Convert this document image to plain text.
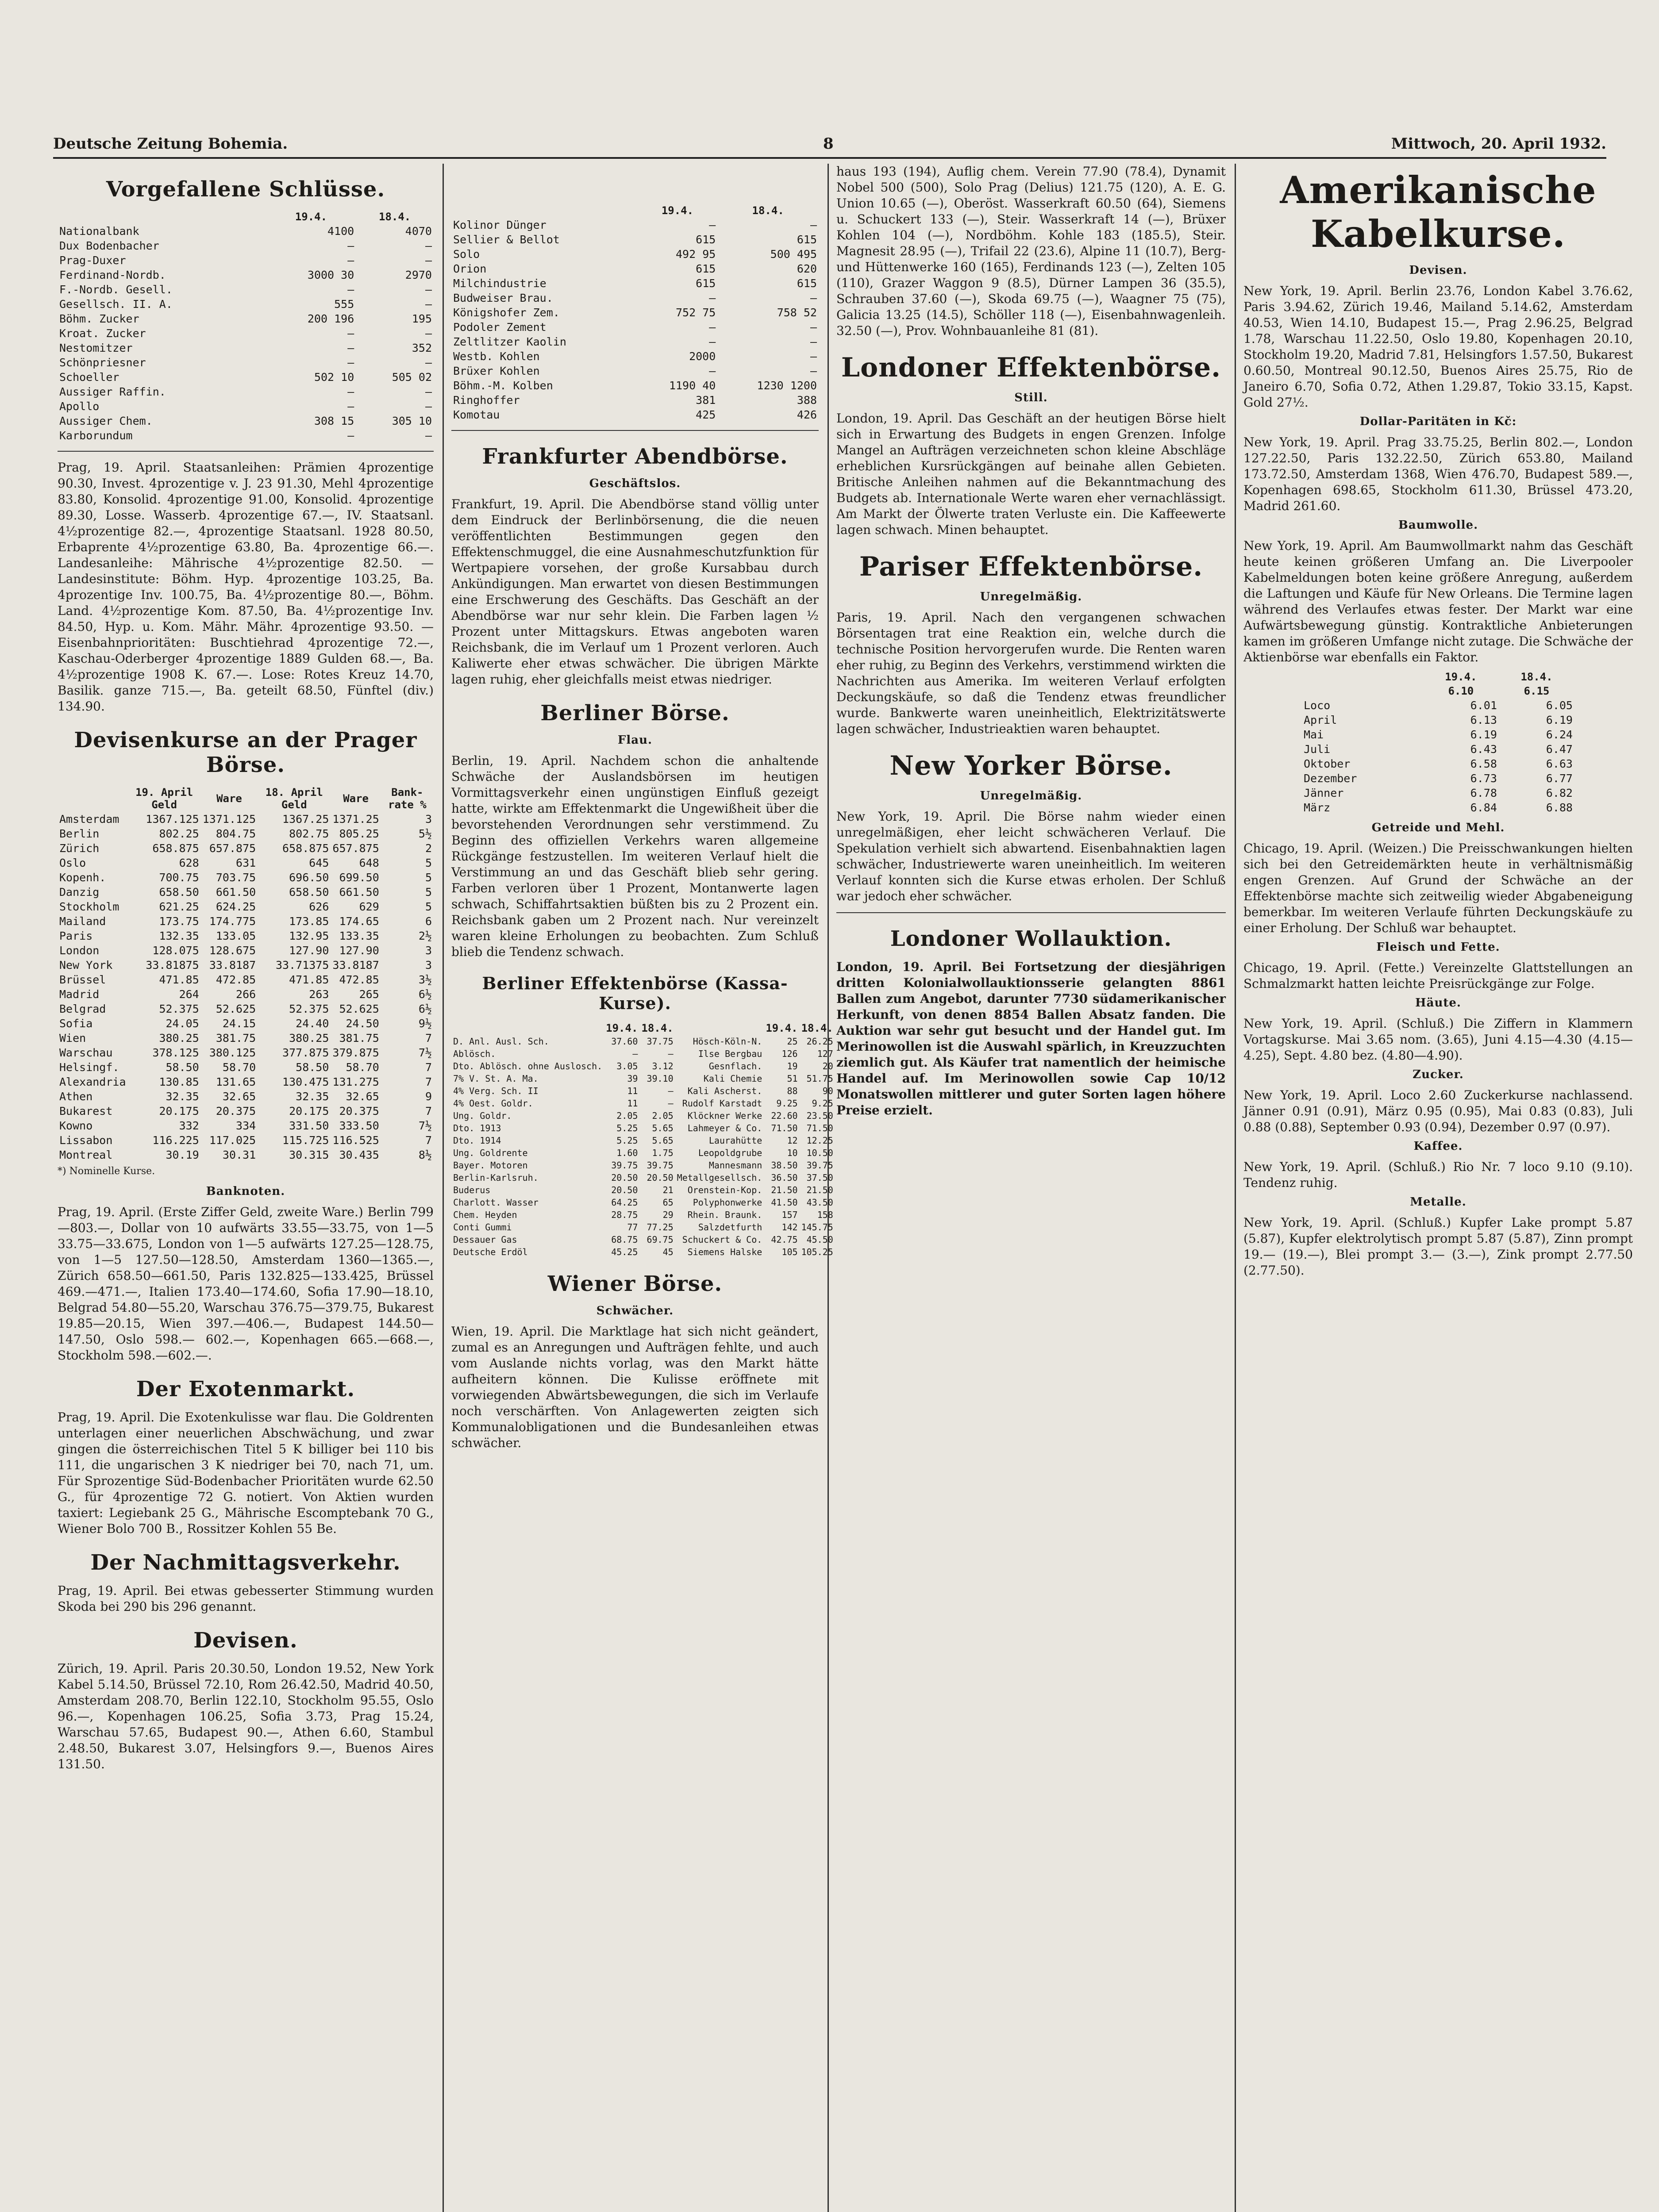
Deutsche Zeitung Bohemia.	8	Mittwoch, 20. April 1932.
Vorgefallene Schlüsse.
	19.4.	18.4.
Nationalbank	4100	4070
Dux Bodenbacher	—	—
Prag-Duxer	—	—
Ferdinand-Nordb.	3000 30	2970
F.-Nordb. Gesell.	—	—
Gesellsch. II. A.	555	—
Böhm. Zucker	200 196	195
Kroat. Zucker	—	—
Nestomitzer	—	352
Schönpriesner	—	—
Schoeller	502 10	505 02
Aussiger Raffin.	—	—
Apollo	—	—
Aussiger Chem.	308 15	305 10
Karborundum	—	—
Prag, 19. April. Staatsanleihen: Prämien 4prozentige 90.30, Invest. 4prozentige v. J. 23 91.30, Mehl 4prozentige 83.80, Konsolid. 4prozentige 91.00, Konsolid. 4prozentige 89.30, Losse. Wasserb. 4prozentige 67.—, IV. Staatsanl. 4½prozentige 82.—, 4prozentige Staatsanl. 1928 80.50, Erbaprente 4½prozentige 63.80, Ba. 4prozentige 66.—. Landesanleihe: Mährische 4½prozentige 82.50. — Landesinstitute: Böhm. Hyp. 4prozentige 103.25, Ba. 4prozentige Inv. 100.75, Ba. 4½prozentige 80.—, Böhm. Land. 4½prozentige Kom. 87.50, Ba. 4½prozentige Inv. 84.50, Hyp. u. Kom. Mähr. Mähr. 4prozentige 93.50. — Eisenbahnprioritäten: Buschtiehrad 4prozentige 72.—, Kaschau-Oderberger 4prozentige 1889 Gulden 68.—, Ba. 4½prozentige 1908 K. 67.—. Lose: Rotes Kreuz 14.70, Basilik. ganze 715.—, Ba. geteilt 68.50, Fünftel (div.) 134.90.
Devisenkurse an der Prager Börse.
	19. April Geld	Ware	18. April Geld	Ware	Bank-rate %
Amsterdam	1367.125	1371.125	1367.25	1371.25	3
Berlin	802.25	804.75	802.75	805.25	5½
Zürich	658.875	657.875	658.875	657.875	2
Oslo	628	631	645	648	5
Kopenh.	700.75	703.75	696.50	699.50	5
Danzig	658.50	661.50	658.50	661.50	5
Stockholm	621.25	624.25	626	629	5
Mailand	173.75	174.775	173.85	174.65	6
Paris	132.35	133.05	132.95	133.35	2½
London	128.075	128.675	127.90	127.90	3
New York	33.81875	33.8187	33.71375	33.8187	3
Brüssel	471.85	472.85	471.85	472.85	3½
Madrid	264	266	263	265	6½
Belgrad	52.375	52.625	52.375	52.625	6½
Sofia	24.05	24.15	24.40	24.50	9½
Wien	380.25	381.75	380.25	381.75	7
Warschau	378.125	380.125	377.875	379.875	7½
Helsingf.	58.50	58.70	58.50	58.70	7
Alexandria	130.85	131.65	130.475	131.275	7
Athen	32.35	32.65	32.35	32.65	9
Bukarest	20.175	20.375	20.175	20.375	7
Kowno	332	334	331.50	333.50	7½
Lissabon	116.225	117.025	115.725	116.525	7
Montreal	30.19	30.31	30.315	30.435	8½
*) Nominelle Kurse.
Banknoten.
Prag, 19. April. (Erste Ziffer Geld, zweite Ware.) Berlin 799—803.—, Dollar von 10 aufwärts 33.55—33.75, von 1—5 33.75—33.675, London von 1—5 aufwärts 127.25—128.75, von 1—5 127.50—128.50, Amsterdam 1360—1365.—, Zürich 658.50—661.50, Paris 132.825—133.425, Brüssel 469.—471.—, Italien 173.40—174.60, Sofia 17.90—18.10, Belgrad 54.80—55.20, Warschau 376.75—379.75, Bukarest 19.85—20.15, Wien 397.—406.—, Budapest 144.50—147.50, Oslo 598.— 602.—, Kopenhagen 665.—668.—, Stockholm 598.—602.—.
Der Exotenmarkt.
Prag, 19. April. Die Exotenkulisse war flau. Die Goldrenten unterlagen einer neuerlichen Abschwächung, und zwar gingen die österreichischen Titel 5 K billiger bei 110 bis 111, die ungarischen 3 K niedriger bei 70, nach 71, um. Für Sprozentige Süd-Bodenbacher Prioritäten wurde 62.50 G., für 4prozentige 72 G. notiert. Von Aktien wurden taxiert: Legiebank 25 G., Mährische Escomptebank 70 G., Wiener Bolo 700 B., Rossitzer Kohlen 55 Be.
Der Nachmittagsverkehr.
Prag, 19. April. Bei etwas gebesserter Stimmung wurden Skoda bei 290 bis 296 genannt.
Devisen.
Zürich, 19. April. Paris 20.30.50, London 19.52, New York Kabel 5.14.50, Brüssel 72.10, Rom 26.42.50, Madrid 40.50, Amsterdam 208.70, Berlin 122.10, Stockholm 95.55, Oslo 96.—, Kopenhagen 106.25, Sofia 3.73, Prag 15.24, Warschau 57.65, Budapest 90.—, Athen 6.60, Stambul 2.48.50, Bukarest 3.07, Helsingfors 9.—, Buenos Aires 131.50.
	19.4.	18.4.
Kolinor Dünger	—	—
Sellier & Bellot	615	615
Solo	492 95	500 495
Orion	615	620
Milchindustrie	615	615
Budweiser Brau.	—	—
Königshofer Zem.	752 75	758 52
Podoler Zement	—	—
Zeltlitzer Kaolin	—	—
Westb. Kohlen	2000	—
Brüxer Kohlen	—	—
Böhm.-M. Kolben	1190 40	1230 1200
Ringhoffer	381	388
Komotau	425	426
Frankfurter Abendbörse.
Geschäftslos.
Frankfurt, 19. April. Die Abendbörse stand völlig unter dem Eindruck der Berlinbörsenung, die die neuen veröffentlichten Bestimmungen gegen den Effektenschmuggel, die eine Ausnahmeschutzfunktion für Wertpapiere vorsehen, der große Kursabbau durch Ankündigungen. Man erwartet von diesen Bestimmungen eine Erschwerung des Geschäfts. Das Geschäft an der Abendbörse war nur sehr klein. Die Farben lagen ½ Prozent unter Mittagskurs. Etwas angeboten waren Reichsbank, die im Verlauf um 1 Prozent verloren. Auch Kaliwerte eher etwas schwächer. Die übrigen Märkte lagen ruhig, eher gleichfalls meist etwas niedriger.
Berliner Börse.
Flau.
Berlin, 19. April. Nachdem schon die anhaltende Schwäche der Auslandsbörsen im heutigen Vormittagsverkehr einen ungünstigen Einfluß gezeigt hatte, wirkte am Effektenmarkt die Ungewißheit über die bevorstehenden Verordnungen sehr verstimmend. Zu Beginn des offiziellen Verkehrs waren allgemeine Rückgänge festzustellen. Im weiteren Verlauf hielt die Verstimmung an und das Geschäft blieb sehr gering. Farben verloren über 1 Prozent, Montanwerte lagen schwach, Schiffahrtsaktien büßten bis zu 2 Prozent ein. Reichsbank gaben um 2 Prozent nach. Nur vereinzelt waren kleine Erholungen zu beobachten. Zum Schluß blieb die Tendenz schwach.
Berliner Effektenbörse (Kassa-Kurse).
	19.4.	18.4.		19.4.	18.4.
D. Anl. Ausl. Sch.	37.60	37.75	Hösch-Köln-N.	25	26.25
Ablösch.	—	—	Ilse Bergbau	126	127
Dto. Ablösch. ohne Auslosch.	3.05	3.12	Gesnflach.	19	20
7% V. St. A. Ma.	39	39.10	Kali Chemie	51	51.75
4% Verg. Sch. II	11	—	Kali Ascherst.	88	90
4% Oest. Goldr.	11	—	Rudolf Karstadt	9.25	9.25
Ung. Goldr.	2.05	2.05	Klöckner Werke	22.60	23.50
Dto. 1913	5.25	5.65	Lahmeyer & Co.	71.50	71.50
Dto. 1914	5.25	5.65	Laurahütte	12	12.25
Ung. Goldrente	1.60	1.75	Leopoldgrube	10	10.50
Bayer. Motoren	39.75	39.75	Mannesmann	38.50	39.75
Berlin-Karlsruh.	20.50	20.50	Metallgesellsch.	36.50	37.50
Buderus	20.50	21	Orenstein-Kop.	21.50	21.50
Charlott. Wasser	64.25	65	Polyphonwerke	41.50	43.50
Chem. Heyden	28.75	29	Rhein. Braunk.	157	158
Conti Gummi	77	77.25	Salzdetfurth	142	145.75
Dessauer Gas	68.75	69.75	Schuckert & Co.	42.75	45.50
Deutsche Erdöl	45.25	45	Siemens Halske	105	105.25
Wiener Börse.
Schwächer.
Wien, 19. April. Die Marktlage hat sich nicht geändert, zumal es an Anregungen und Aufträgen fehlte, und auch vom Auslande nichts vorlag, was den Markt hätte aufheitern können. Die Kulisse eröffnete mit vorwiegenden Abwärtsbewegungen, die sich im Verlaufe noch verschärften. Von Anlagewerten zeigten sich Kommunalobligationen und die Bundesanleihen etwas schwächer.
haus 193 (194), Auflig chem. Verein 77.90 (78.4), Dynamit Nobel 500 (500), Solo Prag (Delius) 121.75 (120), A. E. G. Union 10.65 (—), Oberöst. Wasserkraft 60.50 (64), Siemens u. Schuckert 133 (—), Steir. Wasserkraft 14 (—), Brüxer Kohlen 104 (—), Nordböhm. Kohle 183 (185.5), Steir. Magnesit 28.95 (—), Trifail 22 (23.6), Alpine 11 (10.7), Berg- und Hüttenwerke 160 (165), Ferdinands 123 (—), Zelten 105 (110), Grazer Waggon 9 (8.5), Dürner Lampen 36 (35.5), Schrauben 37.60 (—), Skoda 69.75 (—), Waagner 75 (75), Galicia 13.25 (14.5), Schöller 118 (—), Eisenbahnwagenleih. 32.50 (—), Prov. Wohnbauanleihe 81 (81).
Londoner Effektenbörse.
Still.
London, 19. April. Das Geschäft an der heutigen Börse hielt sich in Erwartung des Budgets in engen Grenzen. Infolge Mangel an Aufträgen verzeichneten schon kleine Abschläge erheblichen Kursrückgängen auf beinahe allen Gebieten. Britische Anleihen nahmen auf die Bekanntmachung des Budgets ab. Internationale Werte waren eher vernachlässigt. Am Markt der Ölwerte traten Verluste ein. Die Kaffeewerte lagen schwach. Minen behauptet.
Pariser Effektenbörse.
Unregelmäßig.
Paris, 19. April. Nach den vergangenen schwachen Börsentagen trat eine Reaktion ein, welche durch die technische Position hervorgerufen wurde. Die Renten waren eher ruhig, zu Beginn des Verkehrs, verstimmend wirkten die Nachrichten aus Amerika. Im weiteren Verlauf erfolgten Deckungskäufe, so daß die Tendenz etwas freundlicher wurde. Bankwerte waren uneinheitlich, Elektrizitätswerte lagen schwächer, Industrieaktien waren behauptet.
New Yorker Börse.
Unregelmäßig.
New York, 19. April. Die Börse nahm wieder einen unregelmäßigen, eher leicht schwächeren Verlauf. Die Spekulation verhielt sich abwartend. Eisenbahnaktien lagen schwächer, Industriewerte waren uneinheitlich. Im weiteren Verlauf konnten sich die Kurse etwas erholen. Der Schluß war jedoch eher schwächer.
Londoner Wollauktion.
London, 19. April. Bei Fortsetzung der diesjährigen dritten Kolonialwollauktionsserie gelangten 8861 Ballen zum Angebot, darunter 7730 südamerikanischer Herkunft, von denen 8854 Ballen Absatz fanden. Die Auktion war sehr gut besucht und der Handel gut. Im Merinowollen ist die Auswahl spärlich, in Kreuzzuchten ziemlich gut. Als Käufer trat namentlich der heimische Handel auf. Im Merinowollen sowie Cap 10/12 Monatswollen mittlerer und guter Sorten lagen höhere Preise erzielt.
Amerikanische Kabelkurse.
Devisen.
New York, 19. April. Berlin 23.76, London Kabel 3.76.62, Paris 3.94.62, Zürich 19.46, Mailand 5.14.62, Amsterdam 40.53, Wien 14.10, Budapest 15.—, Prag 2.96.25, Belgrad 1.78, Warschau 11.22.50, Oslo 19.80, Kopenhagen 20.10, Stockholm 19.20, Madrid 7.81, Helsingfors 1.57.50, Bukarest 0.60.50, Montreal 90.12.50, Buenos Aires 25.75, Rio de Janeiro 6.70, Sofia 0.72, Athen 1.29.87, Tokio 33.15, Kapst. Gold 27½.
Dollar-Paritäten in Kč:
New York, 19. April. Prag 33.75.25, Berlin 802.—, London 127.22.50, Paris 132.22.50, Zürich 653.80, Mailand 173.72.50, Amsterdam 1368, Wien 476.70, Budapest 589.—, Kopenhagen 698.65, Stockholm 611.30, Brüssel 473.20, Madrid 261.60.
Baumwolle.
New York, 19. April. Am Baumwollmarkt nahm das Geschäft heute keinen größeren Umfang an. Die Liverpooler Kabelmeldungen boten keine größere Anregung, außerdem die Laftungen und Käufe für New Orleans. Die Termine lagen während des Verlaufes etwas fester. Der Markt war eine Aufwärtsbewegung günstig. Kontraktliche Anbieterungen kamen im größeren Umfange nicht zutage. Die Schwäche der Aktienbörse war ebenfalls ein Faktor.
	19.4.	18.4.
	6.10	6.15
Loco	6.01	6.05
April	6.13	6.19
Mai	6.19	6.24
Juli	6.43	6.47
Oktober	6.58	6.63
Dezember	6.73	6.77
Jänner	6.78	6.82
März	6.84	6.88
Getreide und Mehl.
Chicago, 19. April. (Weizen.) Die Preisschwankungen hielten sich bei den Getreidemärkten heute in verhältnismäßig engen Grenzen. Auf Grund der Schwäche an der Effektenbörse machte sich zeitweilig wieder Abgabeneigung bemerkbar. Im weiteren Verlaufe führten Deckungskäufe zu einer Erholung. Der Schluß war behauptet.
Fleisch und Fette.
Chicago, 19. April. (Fette.) Vereinzelte Glattstellungen an Schmalzmarkt hatten leichte Preisrückgänge zur Folge.
Häute.
New York, 19. April. (Schluß.) Die Ziffern in Klammern Vortagskurse. Mai 3.65 nom. (3.65), Juni 4.15—4.30 (4.15—4.25), Sept. 4.80 bez. (4.80—4.90).
Zucker.
New York, 19. April. Loco 2.60 Zuckerkurse nachlassend. Jänner 0.91 (0.91), März 0.95 (0.95), Mai 0.83 (0.83), Juli 0.88 (0.88), September 0.93 (0.94), Dezember 0.97 (0.97).
Kaffee.
New York, 19. April. (Schluß.) Rio Nr. 7 loco 9.10 (9.10). Tendenz ruhig.
Metalle.
New York, 19. April. (Schluß.) Kupfer Lake prompt 5.87 (5.87), Kupfer elektrolytisch prompt 5.87 (5.87), Zinn prompt 19.— (19.—), Blei prompt 3.— (3.—), Zink prompt 2.77.50 (2.77.50).
